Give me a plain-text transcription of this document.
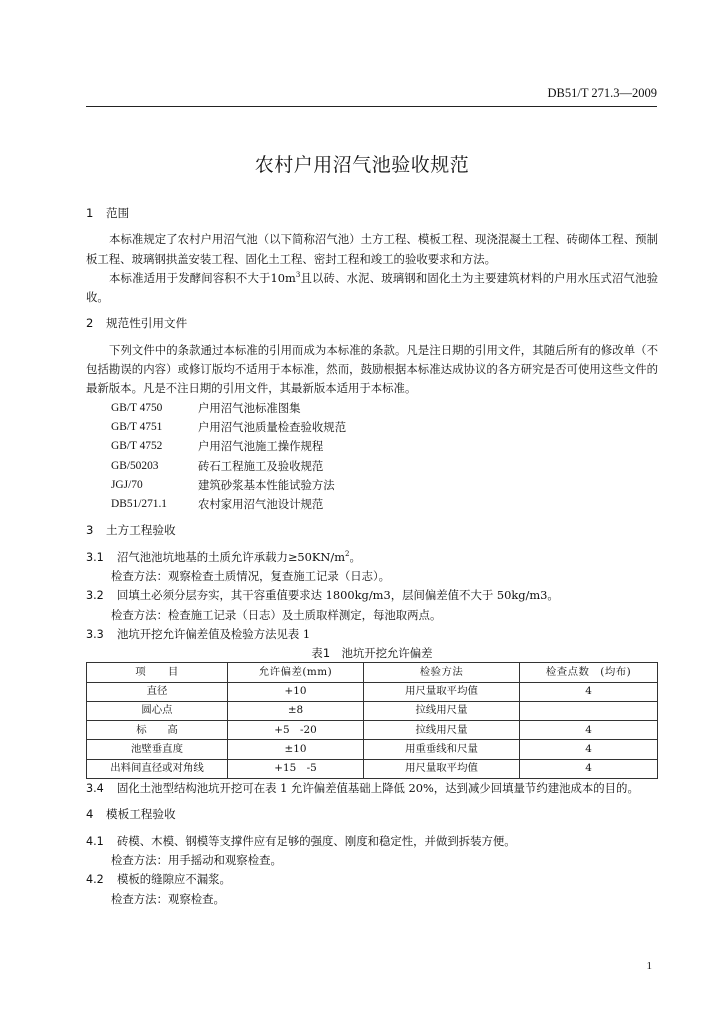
DB51/T 271.3—2009
农村户用沼气池验收规范
1 范围

本标准规定了农村户用沼气池（以下简称沼气池）土方工程、模板工程、现浇混凝土工程、砖砌体工程、预制板工程、玻璃钢拱盖安装工程、固化土工程、密封工程和竣工的验收要求和方法。

本标准适用于发酵间容积不大于$10m^3$且以砖、水泥、玻璃钢和固化土为主要建筑材料的户用水压式沼气池验收。

2 规范性引用文件

下列文件中的条款通过本标准的引用而成为本标准的条款。凡是注日期的引用文件，其随后所有的修改单（不包括勘误的内容）或修订版均不适用于本标准，然而，鼓励根据本标准达成协议的各方研究是否可使用这些文件的最新版本。凡是不注日期的引用文件，其最新版本适用于本标准。

GB/T 4750	户用沼气池标准图集
GB/T 4751	户用沼气池质量检查验收规范
GB/T 4752	户用沼气池施工操作规程
GB/50203	砖石工程施工及验收规范
JGJ/70	建筑砂浆基本性能试验方法
DB51/271.1	农村家用沼气池设计规范
3 土方工程验收
3.1	沼气池池坑地基的土质允许承载力$\ge 50KN/m^2$。

检查方法：观察检查土质情况，复查施工记录（日志）。

3.2	回填土必须分层夯实，其干容重值要求达 1800kg/m3，层间偏差值不大于 50kg/m3。

检查方法：检查施工记录（日志）及土质取样测定，每池取两点。

3.3	池坑开挖允许偏差值及检验方法见表 1

表1　池坑开挖允许偏差

项　　目	允许偏差(mm)	检验方法	检查点数　(均布)
直径	+10	用尺量取平均值	4
圆心点	±8	拉线用尺量	
标　　高	+5　-20	拉线用尺量	4
池壁垂直度	±10	用重垂线和尺量	4
出料间直径或对角线	+15　-5	用尺量取平均值	4
3.4	固化土池型结构池坑开挖可在表 1 允许偏差值基础上降低 20%，达到减少回填量节约建池成本的目的。
4 模板工程验收
4.1	砖模、木模、钢模等支撑件应有足够的强度、刚度和稳定性，并做到拆装方便。

检查方法：用手摇动和观察检查。

4.2	模板的缝隙应不漏浆。

检查方法：观察检查。

1
